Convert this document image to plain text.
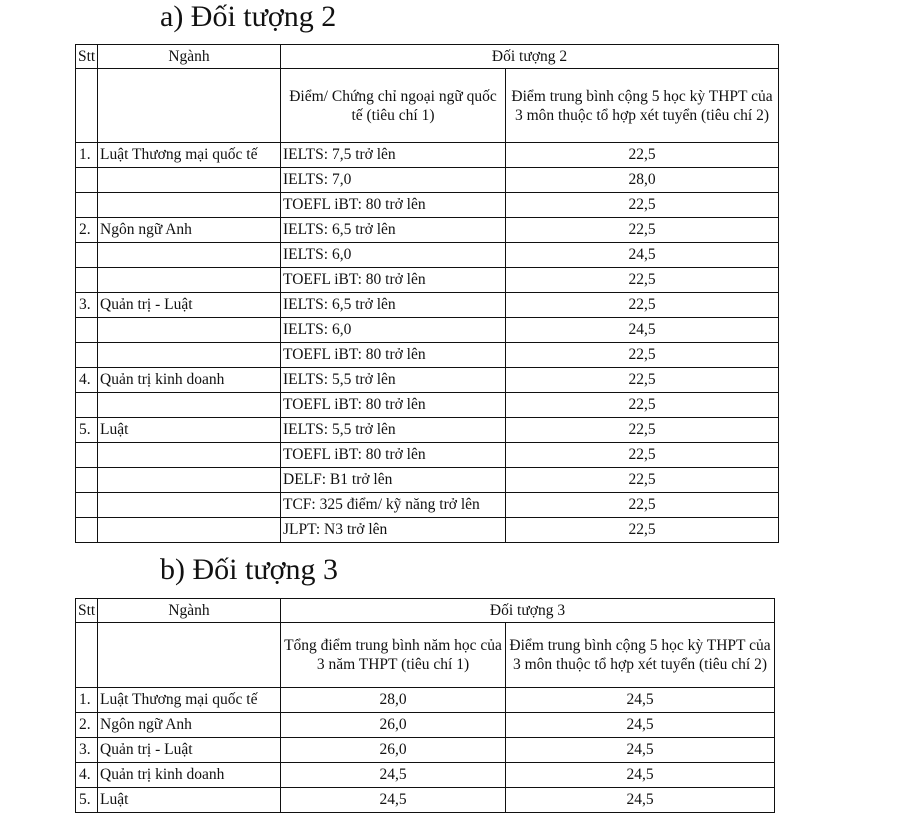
a) Đối tượng 2
Stt	Ngành	Đối tượng 2	
		Điểm/ Chứng chỉ ngoại ngữ quốc tế (tiêu chí 1)	Điểm trung bình cộng 5 học kỳ THPT của 3 môn thuộc tổ hợp xét tuyển (tiêu chí 2)
1.	Luật Thương mại quốc tế	IELTS: 7,5 trở lên	22,5
		IELTS: 7,0	28,0
		TOEFL iBT: 80 trở lên	22,5
2.	Ngôn ngữ Anh	IELTS: 6,5 trở lên	22,5
		IELTS: 6,0	24,5
		TOEFL iBT: 80 trở lên	22,5
3.	Quản trị - Luật	IELTS: 6,5 trở lên	22,5
		IELTS: 6,0	24,5
		TOEFL iBT: 80 trở lên	22,5
4.	Quản trị kinh doanh	IELTS: 5,5 trở lên	22,5
		TOEFL iBT: 80 trở lên	22,5
5.	Luật	IELTS: 5,5 trở lên	22,5
		TOEFL iBT: 80 trở lên	22,5
		DELF: B1 trở lên	22,5
		TCF: 325 điểm/ kỹ năng trở lên	22,5
		JLPT: N3 trở lên	22,5
b) Đối tượng 3
Stt	Ngành	Đối tượng 3	
		Tổng điểm trung bình năm học của 3 năm THPT (tiêu chí 1)	Điểm trung bình cộng 5 học kỳ THPT của 3 môn thuộc tổ hợp xét tuyển (tiêu chí 2)
1.	Luật Thương mại quốc tế	28,0	24,5
2.	Ngôn ngữ Anh	26,0	24,5
3.	Quản trị - Luật	26,0	24,5
4.	Quản trị kinh doanh	24,5	24,5
5.	Luật	24,5	24,5
